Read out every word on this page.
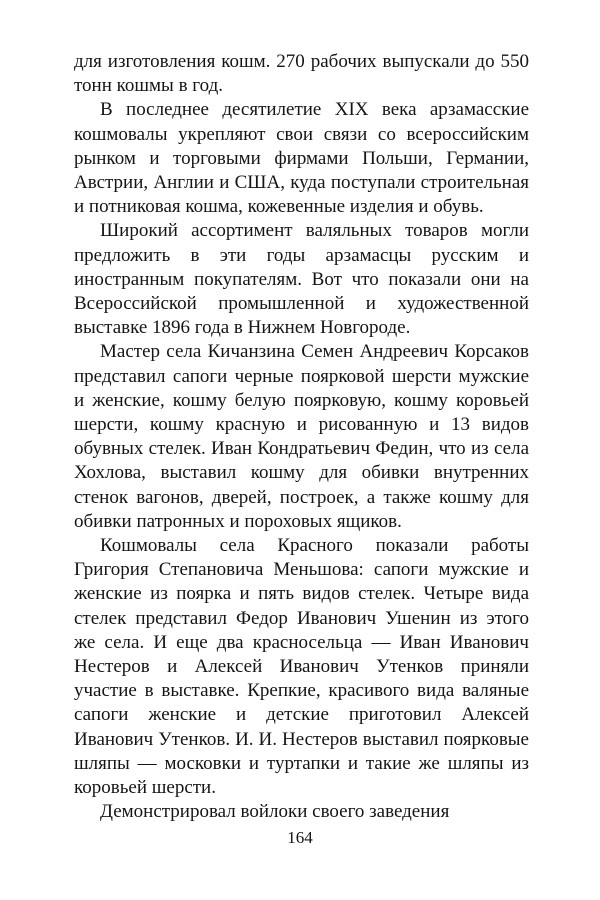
для изготовления кошм. 270 рабочих выпускали до 550 тонн кошмы в год.

В последнее десятилетие XIX века арзамасские кошмовалы укрепляют свои связи со всероссийским рынком и торговыми фирмами Польши, Германии, Австрии, Англии и США, куда поступали строительная и потниковая кошма, кожевенные изделия и обувь.

Широкий ассортимент валяльных товаров могли предложить в эти годы арзамасцы русским и иностранным покупателям. Вот что показали они на Всероссийской промышленной и художественной выставке 1896 года в Нижнем Новгороде.

Мастер села Кичанзина Семен Андреевич Корсаков представил сапоги черные поярковой шерсти мужские и женские, кошму белую поярковую, кошму коровьей шерсти, кошму красную и рисованную и 13 видов обувных стелек. Иван Кондратьевич Федин, что из села Хохлова, выставил кошму для обивки внутренних стенок вагонов, дверей, построек, а также кошму для обивки патронных и пороховых ящиков.

Кошмовалы села Красного показали работы Григория Степановича Меньшова: сапоги мужские и женские из поярка и пять видов стелек. Четыре вида стелек представил Федор Иванович Ушенин из этого же села. И еще два красносельца — Иван Иванович Нестеров и Алексей Иванович Утенков приняли участие в выставке. Крепкие, красивого вида валяные сапоги женские и детские приготовил Алексей Иванович Утенков. И. И. Нестеров выставил поярковые шляпы — московки и туртапки и такие же шляпы из коровьей шерсти.

Демонстрировал войлоки своего заведения

164
